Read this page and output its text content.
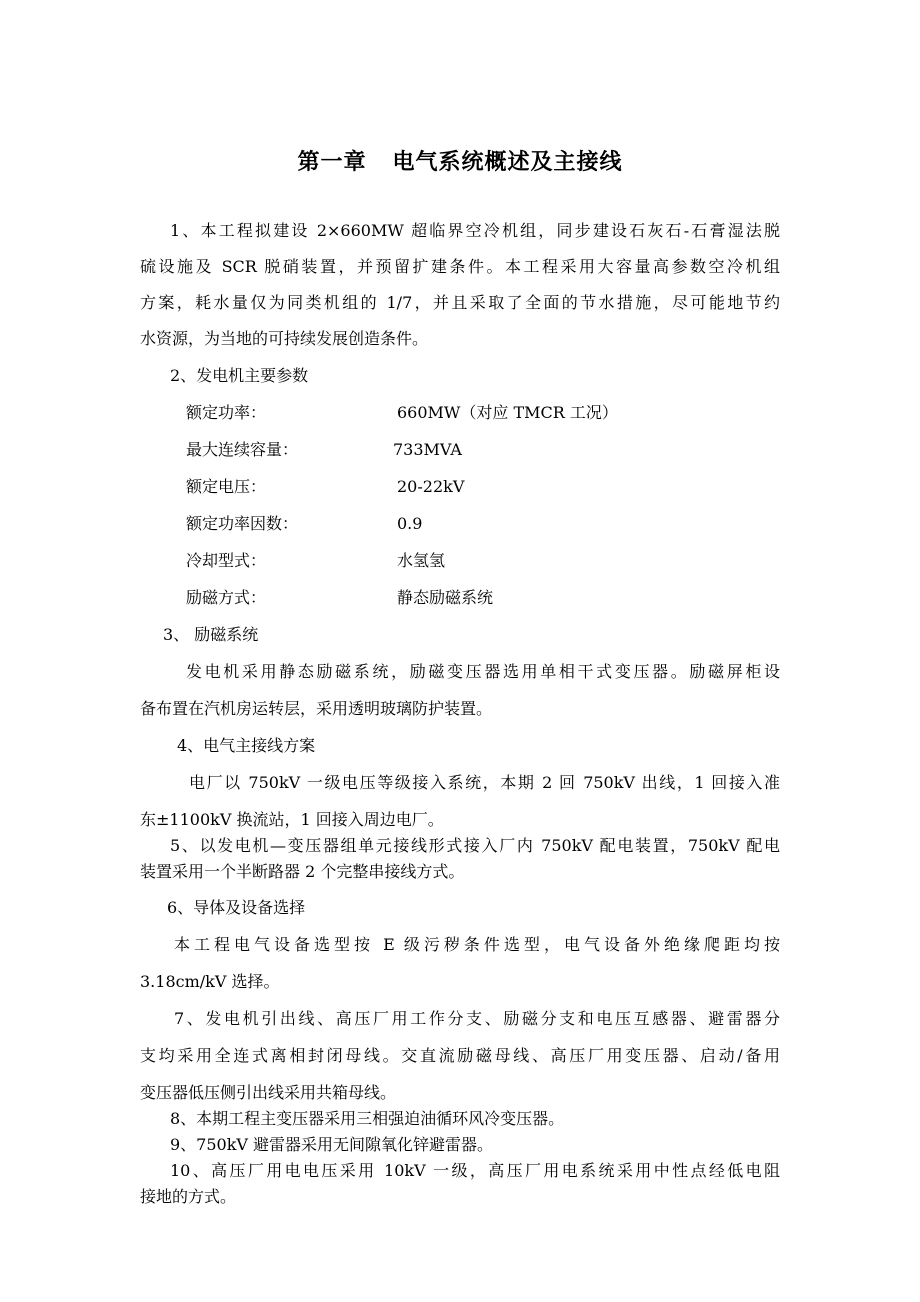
第一章 电气系统概述及主接线
1、本工程拟建设 2×660MW 超临界空冷机组，同步建设石灰石-石膏湿法脱
硫设施及 SCR 脱硝装置，并预留扩建条件。本工程采用大容量高参数空冷机组
方案，耗水量仅为同类机组的 1/7，并且采取了全面的节水措施，尽可能地节约
水资源，为当地的可持续发展创造条件。
2、发电机主要参数
额定功率：	660MW（对应 TMCR 工况）
最大连续容量：	733MVA
额定电压：	20-22kV
额定功率因数：	0.9
冷却型式：	水氢氢
励磁方式：	静态励磁系统
3、 励磁系统
发电机采用静态励磁系统，励磁变压器选用单相干式变压器。励磁屏柜设
备布置在汽机房运转层，采用透明玻璃防护装置。
4、电气主接线方案
电厂以 750kV 一级电压等级接入系统，本期 2 回 750kV 出线，1 回接入准
东±1100kV 换流站，1 回接入周边电厂。
5、以发电机—变压器组单元接线形式接入厂内 750kV 配电装置，750kV 配电
装置采用一个半断路器 2 个完整串接线方式。
6、导体及设备选择
本工程电气设备选型按 E 级污秽条件选型，电气设备外绝缘爬距均按
3.18cm/kV 选择。
7、发电机引出线、高压厂用工作分支、励磁分支和电压互感器、避雷器分
支均采用全连式离相封闭母线。交直流励磁母线、高压厂用变压器、启动/备用
变压器低压侧引出线采用共箱母线。
8、本期工程主变压器采用三相强迫油循环风冷变压器。
9、750kV 避雷器采用无间隙氧化锌避雷器。
10、高压厂用电电压采用 10kV 一级，高压厂用电系统采用中性点经低电阻
接地的方式。
